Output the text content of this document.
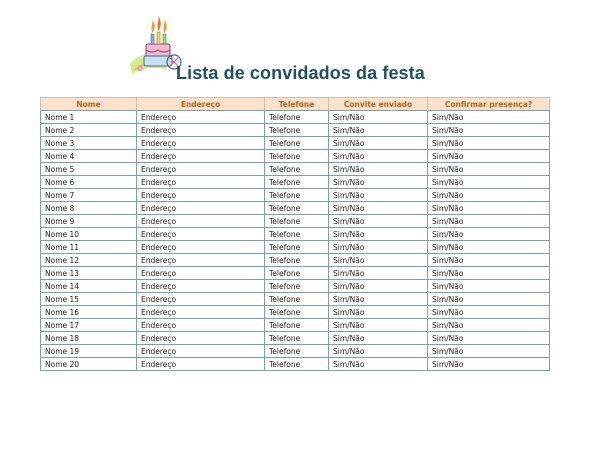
Lista de convidados da festa
Nome	Endereço	Telefone	Convite enviado	Confirmar presença?
Nome 1	Endereço	Telefone	Sim/Não	Sim/Não
Nome 2	Endereço	Telefone	Sim/Não	Sim/Não
Nome 3	Endereço	Telefone	Sim/Não	Sim/Não
Nome 4	Endereço	Telefone	Sim/Não	Sim/Não
Nome 5	Endereço	Telefone	Sim/Não	Sim/Não
Nome 6	Endereço	Telefone	Sim/Não	Sim/Não
Nome 7	Endereço	Telefone	Sim/Não	Sim/Não
Nome 8	Endereço	Telefone	Sim/Não	Sim/Não
Nome 9	Endereço	Telefone	Sim/Não	Sim/Não
Nome 10	Endereço	Telefone	Sim/Não	Sim/Não
Nome 11	Endereço	Telefone	Sim/Não	Sim/Não
Nome 12	Endereço	Telefone	Sim/Não	Sim/Não
Nome 13	Endereço	Telefone	Sim/Não	Sim/Não
Nome 14	Endereço	Telefone	Sim/Não	Sim/Não
Nome 15	Endereço	Telefone	Sim/Não	Sim/Não
Nome 16	Endereço	Telefone	Sim/Não	Sim/Não
Nome 17	Endereço	Telefone	Sim/Não	Sim/Não
Nome 18	Endereço	Telefone	Sim/Não	Sim/Não
Nome 19	Endereço	Telefone	Sim/Não	Sim/Não
Nome 20	Endereço	Telefone	Sim/Não	Sim/Não
